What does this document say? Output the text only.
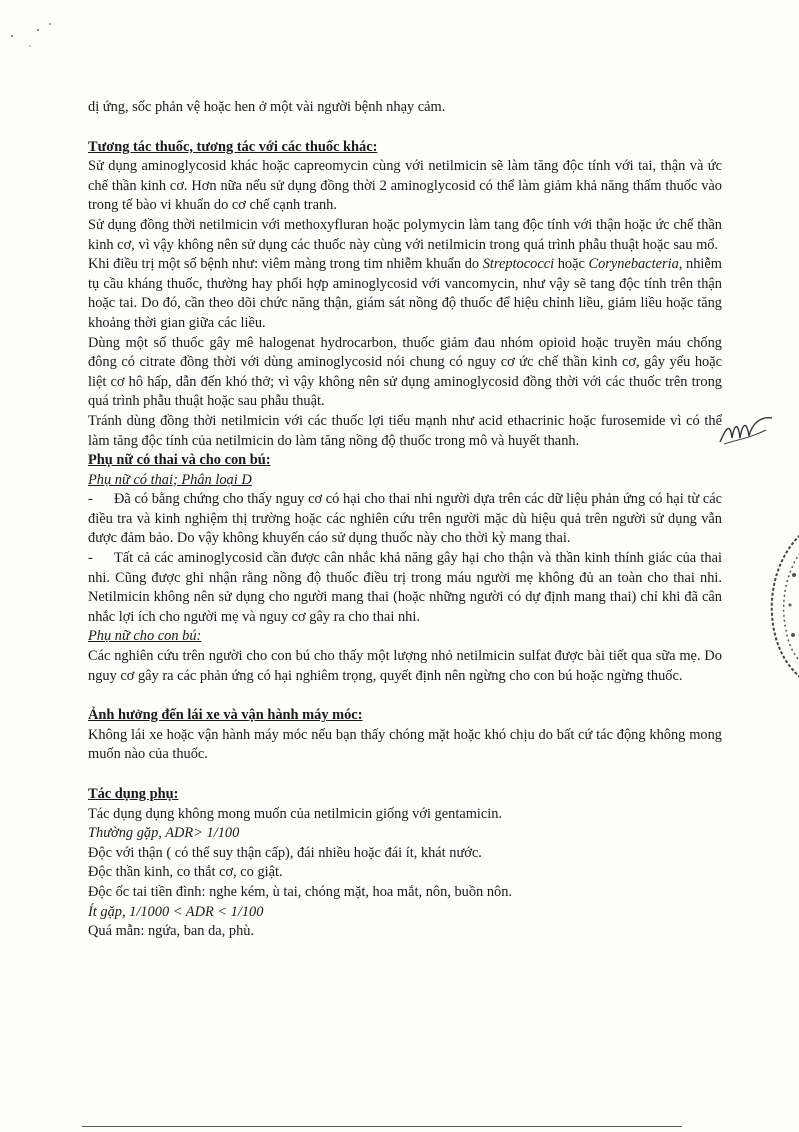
dị ứng, sốc phản vệ hoặc hen ở một vài người bệnh nhạy cảm.

Tương tác thuốc, tương tác với các thuốc khác:

Sử dụng aminoglycosid khác hoặc capreomycin cùng với netilmicin sẽ làm tăng độc tính với tai, thận và ức chế thần kinh cơ. Hơn nữa nếu sử dụng đồng thời 2 aminoglycosid có thể làm giảm khả năng thấm thuốc vào trong tế bào vi khuẩn do cơ chế cạnh tranh.

Sử dụng đồng thời netilmicin với methoxyfluran hoặc polymycin làm tang độc tính với thận hoặc ức chế thần kinh cơ, vì vậy không nên sử dụng các thuốc này cùng với netilmicin trong quá trình phẫu thuật hoặc sau mổ.

Khi điều trị một số bệnh như: viêm màng trong tim nhiễm khuẩn do Streptococci hoặc Corynebacteria, nhiễm tụ cầu kháng thuốc, thường hay phối hợp aminoglycosid với vancomycin, như vậy sẽ tang độc tính trên thận hoặc tai. Do đó, cần theo dõi chức năng thận, giám sát nồng độ thuốc để hiệu chỉnh liều, giảm liều hoặc tăng khoảng thời gian giữa các liều.

Dùng một số thuốc gây mê halogenat hydrocarbon, thuốc giảm đau nhóm opioid hoặc truyền máu chống đông có citrate đồng thời với dùng aminoglycosid nói chung có nguy cơ ức chế thần kinh cơ, gây yếu hoặc liệt cơ hô hấp, dẫn đến khó thở; vì vậy không nên sử dụng aminoglycosid đồng thời với các thuốc trên trong quá trình phẫu thuật hoặc sau phẫu thuật.

Tránh dùng đồng thời netilmicin với các thuốc lợi tiểu mạnh như acid ethacrinic hoặc furosemide vì có thể làm tăng độc tính của netilmicin do làm tăng nồng độ thuốc trong mô và huyết thanh.

Phụ nữ có thai và cho con bú:

Phụ nữ có thai; Phân loại D

- Đã có bằng chứng cho thấy nguy cơ có hại cho thai nhi người dựa trên các dữ liệu phản ứng có hại từ các điều tra và kinh nghiệm thị trường hoặc các nghiên cứu trên người mặc dù hiệu quả trên người sử dụng vẫn được đảm bảo. Do vậy không khuyến cáo sử dụng thuốc này cho thời kỳ mang thai.

- Tất cả các aminoglycosid cần được cân nhắc khả năng gây hại cho thận và thần kinh thính giác của thai nhi. Cũng được ghi nhận rằng nồng độ thuốc điều trị trong máu người mẹ không đủ an toàn cho thai nhi. Netilmicin không nên sử dụng cho người mang thai (hoặc những người có dự định mang thai) chỉ khi đã cân nhắc lợi ích cho người mẹ và nguy cơ gây ra cho thai nhi.

Phụ nữ cho con bú:

Các nghiên cứu trên người cho con bú cho thấy một lượng nhỏ netilmicin sulfat được bài tiết qua sữa mẹ. Do nguy cơ gây ra các phản ứng có hại nghiêm trọng, quyết định nên ngừng cho con bú hoặc ngừng thuốc.

Ảnh hưởng đến lái xe và vận hành máy móc:

Không lái xe hoặc vận hành máy móc nếu bạn thấy chóng mặt hoặc khó chịu do bất cứ tác động không mong muốn nào của thuốc.

Tác dụng phụ:

Tác dụng dụng không mong muốn của netilmicin giống với gentamicin.

Thường gặp, ADR> 1/100

Độc với thận ( có thể suy thận cấp), đái nhiều hoặc đái ít, khát nước.

Độc thần kinh, co thắt cơ, co giật.

Độc ốc tai tiền đình: nghe kém, ù tai, chóng mặt, hoa mắt, nôn, buồn nôn.

Ít gặp, 1/1000 < ADR < 1/100

Quá mẫn: ngứa, ban da, phù.
